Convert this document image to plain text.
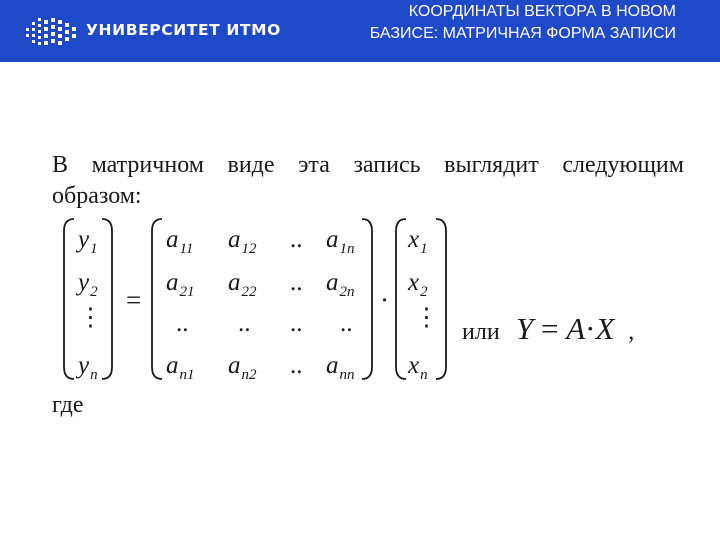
УНИВЕРСИТЕТ ИТМО
КООРДИНАТЫ ВЕКТОРА В НОВОМ
БАЗИСЕ: МАТРИЧНАЯ ФОРМА ЗАПИСИ
В матричном виде эта запись выглядит следующим
образом:
$y_1$
$y_2$
⋮
$y_n$
=
$a_{11}$ $a_{12}$ .. $a_{1n}$
$a_{21}$ $a_{22}$ .. $a_{2n}$
.. .. .. ..
$a_{n1}$ $a_{n2}$ .. $a_{nn}$
·
$x_1$
$x_2$
⋮
$x_n$
или Y = A·X ,
где
